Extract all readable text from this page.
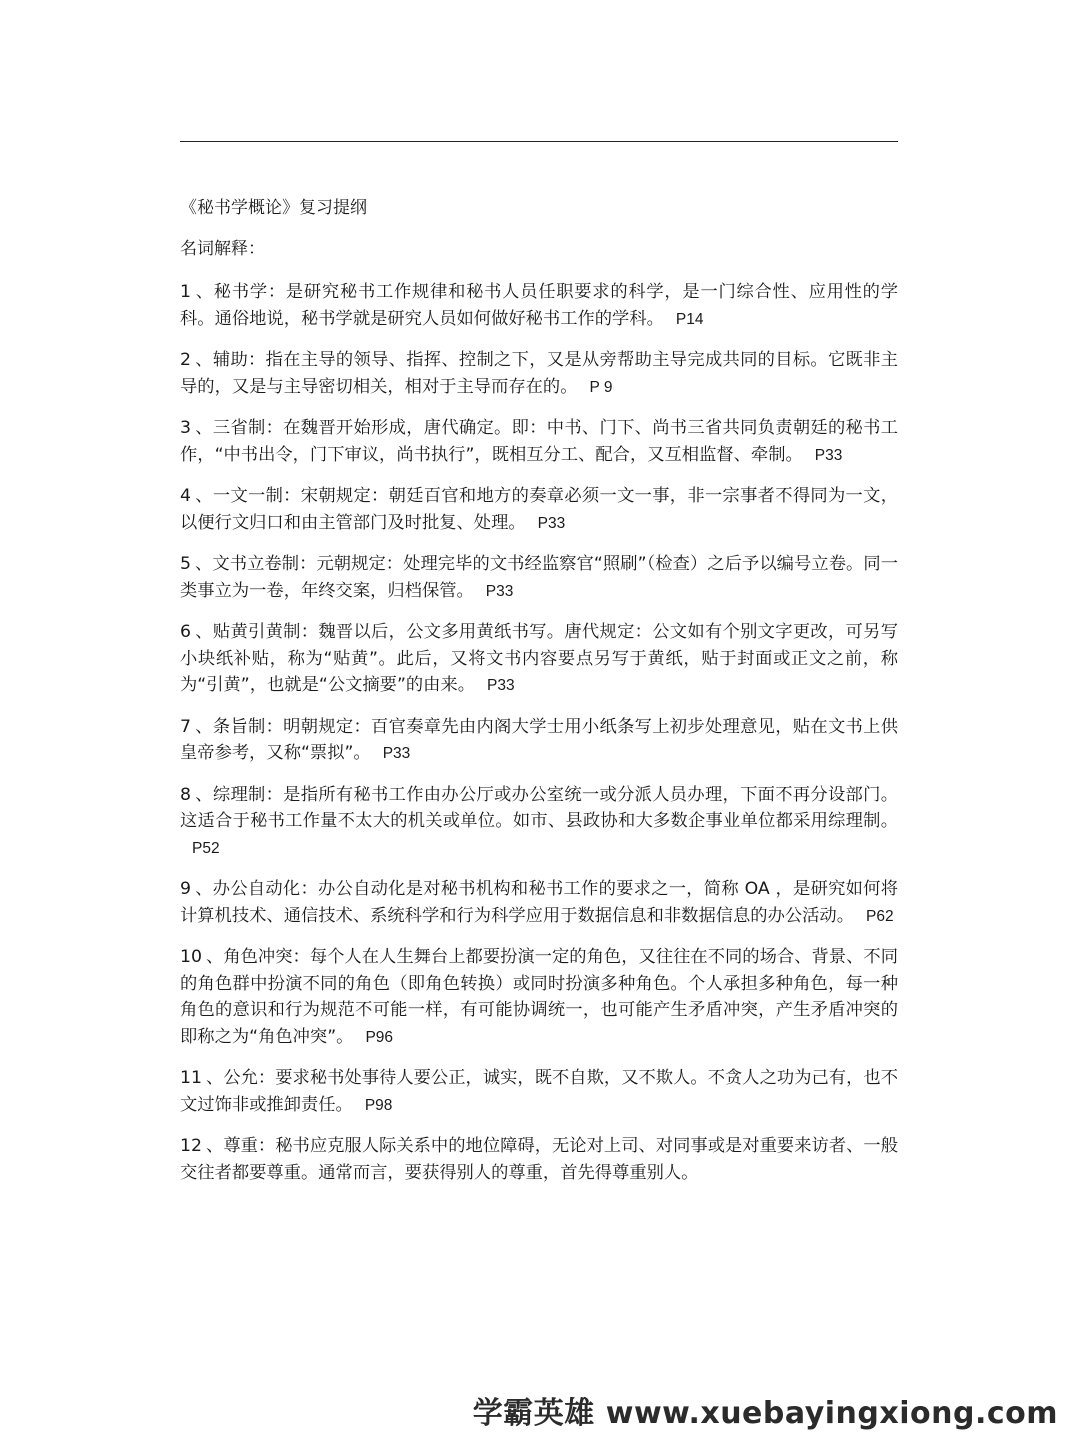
《秘书学概论》复习提纲
名词解释：
1 、秘书学：是研究秘书工作规律和秘书人员任职要求的科学，是一门综合性、应用性的学科。通俗地说，秘书学就是研究人员如何做好秘书工作的学科。 P14
2 、辅助：指在主导的领导、指挥、控制之下，又是从旁帮助主导完成共同的目标。它既非主导的，又是与主导密切相关，相对于主导而存在的。 P 9
3 、三省制：在魏晋开始形成，唐代确定。即：中书、门下、尚书三省共同负责朝廷的秘书工作，“中书出令，门下审议，尚书执行”，既相互分工、配合，又互相监督、牵制。 P33
4 、一文一制：宋朝规定：朝廷百官和地方的奏章必须一文一事，非一宗事者不得同为一文，以便行文归口和由主管部门及时批复、处理。 P33
5 、文书立卷制：元朝规定：处理完毕的文书经监察官“照刷”（检查）之后予以编号立卷。同一类事立为一卷，年终交案，归档保管。 P33
6 、贴黄引黄制：魏晋以后，公文多用黄纸书写。唐代规定：公文如有个别文字更改，可另写小块纸补贴，称为“贴黄”。此后，又将文书内容要点另写于黄纸，贴于封面或正文之前，称为“引黄”，也就是“公文摘要”的由来。 P33
7 、条旨制：明朝规定：百官奏章先由内阁大学士用小纸条写上初步处理意见，贴在文书上供皇帝参考，又称“票拟”。 P33
8 、综理制：是指所有秘书工作由办公厅或办公室统一或分派人员办理，下面不再分设部门。这适合于秘书工作量不太大的机关或单位。如市、县政协和大多数企事业单位都采用综理制。P52
9 、办公自动化：办公自动化是对秘书机构和秘书工作的要求之一，简称 OA ，是研究如何将计算机技术、通信技术、系统科学和行为科学应用于数据信息和非数据信息的办公活动。 P62
10 、角色冲突：每个人在人生舞台上都要扮演一定的角色，又往往在不同的场合、背景、不同的角色群中扮演不同的角色（即角色转换）或同时扮演多种角色。个人承担多种角色，每一种角色的意识和行为规范不可能一样，有可能协调统一，也可能产生矛盾冲突，产生矛盾冲突的即称之为“角色冲突”。 P96
11 、公允：要求秘书处事待人要公正，诚实，既不自欺，又不欺人。不贪人之功为己有，也不文过饰非或推卸责任。 P98
12 、尊重：秘书应克服人际关系中的地位障碍，无论对上司、对同事或是对重要来访者、一般交往者都要尊重。通常而言，要获得别人的尊重，首先得尊重别人。
学霸英雄 www.xuebayingxiong.com
